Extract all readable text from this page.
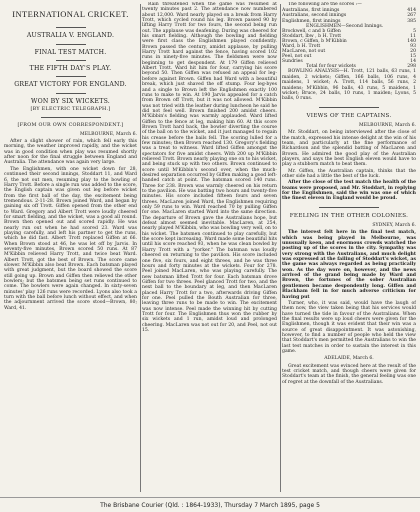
INTERNATIONAL CRICKET.
AUSTRALIA V. ENGLAND.
FINAL TEST MATCH.
THE FIFTH DAY'S PLAY.
GREAT VICTORY FOR ENGLAND.
WON BY SIX WICKETS.
[BY ELECTRIC TELEGRAPH.]
[FROM OUR OWN CORRESPONDENT.]
MELBOURNE, March 6.

After a slight shower of rain, which fell early this morning, the weather improved rapidly, and the wicket was in good condition when play was resumed shortly after noon for the final struggle between England and Australia. The attendance was again very large.

The Englishmen, with one wicket down for 28, continued their second innings, Stoddart 11, and Ward 6, the not out men, resuming play to the bowling of Harry Trott. Before a single run was added to the score, the English captain was given out leg before wicket from the first ball of the day, the excitement being tremendous. 2-11-28. Brown joined Ward, and began by gaining six off Trott. Giffen opened from the other end to Ward. Gregory and Albert Trott were loudly cheered for smart fielding, and the wicket, was a good all round. Brown then opened out and scored rapidly. He was nearly run out when he had scored 23. Ward was playing carefully, and left his partner to get the runs, which he did fast. Albert Trott replaced Giffen at 66. When Brown stood at 46, he was let off by Jarvis. In seventy-five minutes, Brown scored 50 runs. At 87 M'Kibbin relieved Harry Trott, and twice beat Ward. Albert Trott, got the best of Brown. The score came slower. M'Kibbin also beat Brown. Each batsman played with great judgment, but the board showed the score still going up. Brown and Giffen then relieved the other bowlers; but the batsmen being set runs continued to come. The bowlers were again changed. In sixty-seven minutes' play 126 runs were recorded. Lyons also took a turn with the ball before lunch without effect, and when the adjournment arrived the score stood—Brown, 80; Ward, 41.

Rain threatened when the game was resumed at twenty minutes past 2. The attendance now numbered about 12,000. Ward nearly played on a break from Harry Trott, which cycled round his leg. Brown passed 90 by lifting Harry Trott for two fours, the second being run out. The applause was deafening. During was cheered for his smart fielding. Although the bowling and fielding were first class the Englishmen played confidently. Brown passed the century, amidst applause, by pulling Harry Trott hard against the fence, having scored 102 runs in ninety-five minutes. The fieldsmen were now beginning to get despondent. At 179 Giffen relieved Albert Trott. Ward hit him for four, carrying his score beyond 50. Then Giffen was refused an appeal for leg-before against Brown. Giffen had Ward with a beautiful break, which just shaved the off stump. Four leg-byes and a single to Brown left the Englishmen exactly 100 runs to make to win. At 190 Jarvis appealed for a catch from Brown off Trott, but it was not allowed. M'Kibbin was not tried with the leather during luncheon he said he did not feel well. Brown finished 200 amidst cheers. M'Kibbin's fielding was warmly applauded. Ward lifted Giffen to the fence at leg, making him 60. At this score Brown Trott hard back, the bowler diverting the course of the ball on to the wicket, and it just managed to regain his crease before the bails fell. The scoring lulled for a few minutes; then Brown reached 130. Gregory's fielding was a treat to witness. Ward lifted Giffen amongst the spectators for five amidst cheers. With 200 up M'Kibbin relieved Trott. Brown nearly playing one on to his wicket, and being stuck up with two others. Brown continued to score until M'Kibbin's second over, when the much-desired separation occurred by Giffen making a good left-handed catch at point. The batsman scored 140 runs. Three for 238. Brown was warmly cheered on his return to the pavilion. He was batting two hours and twenty-five minutes. His score included fifteen fours and seven threes. MacLaren joined Ward, the Englishmen requiring only 59 runs to win. Ward reached 70 by pulling Giffen for one. MacLaren started Ward into the same direction. The departure of Brown gave the Australians hope, but defeat almost seemed inevitable. MacLaren, at 254, nearly played M'Kibbin, who was bowling very well, on to his wicket. The batsmen continued to play carefully, but the score kept increasing. Ward made some beautiful hits until his score reached 93, when he was clean bowled by Harry Trott with a "yorker." The batsman was loudly cheered on returning to the pavilion. His score included one five, six fours, and eight threes, and he was three hours and forty minutes at the wickets. Four for 278. Peel joined MacLaren, who was playing carefully. The new batsman lifted Trott for four. Each batsman drove Giffen for two threes. Peel glanced Trott for two, and the next ball to the boundary at leg, and then MacLaren placed Harry Trott for a two, afterwards driving Giffen for one. Peel pulled the Bouth Australian for three, leaving three runs to be made to win. The excitement was now intense. Peel made the winning hit by cutting Trott for four. The Englishmen thus won the rubber by six wickets and 1 run, amidst loud and prolonged cheering. MacLaren was not out for 20, and Peel, not out 15.

The following are the scores :—

Australians, first innings	414
Australians, second innings	267
Englishmen, first innings	385
ENGLISHMEN—Second Innings.
Brockwell, c and b Giffen	5
Stoddart, lbw , b H. Trott	11
Brown, c Giffen, b M'Kibbin	140
Ward, b H. Trott	93
MacLaren, not out	20
Peel, not out	15
Sundries	14
Total for four wickets	298

BOWLING ANALYSIS—H. Trott, 121 balls, 63 runs, 1 maiden, 2 wickets; Giffen, 166 balls, 106 runs, 4 maidens, 1 wicket; A. Trott, 114 balls, 56 runs, 2 maidens; M'Kibbin, 96 balls, 43 runs, 5 maidens, 1 wicket; Bruce, 24 balls, 10 runs, 1 maiden; Lyons, 5 balls, 0 runs.

VIEWS OF THE CAPTAINS.
MELBOURNE, March 6.

Mr. Stoddart, on being interviewed after the close of the match, expressed his intense delight at the win of his team, and particularly at the fine performance of Richardson and the splendid batting of MacLaren and Brown. He admired the good play of the Australian players, and says the best English eleven would have to play a stubborn match to beat them.

Mr. Giffen, the Australian captain, thinks that the other side had a little the best of the luck.

After the close of the test match the health of the teams were proposed, and Mr. Stoddart, in replying for the Englishmen, said the win was one of which the finest eleven in England would be proud.

FEELING IN THE OTHER COLONIES.
SYDNEY, March 6.

The interest felt here in the final test match, which was being played in Melbourne, was unusually keen, and enormous crowds watched the posting up of the scores in the city. Sympathy was very strong with the Australians, and much delight was expressed at the failing of Stoddart's wicket, as the game was always regarded as being practically won. As the day wore on, however, and the news arrived of the grand being made by Ward and Brown, the fortunes of the sober Australian gentlemen became despondently long. Giffen and Blackham fell in for much adverse criticism for having put

Turner, who, it was said, would have the laugh of them now, the view taken being that his services would have turned the tide in favour of the Australians. When the final results were up loud cheers were given for the Englishmen, though it was evident that their win was a source of great disappointment. It was astonishing, however, to find a number of people who held the view that Stoddart's men permitted the Australians to win the last test matches in order to sustain the interest in this game.

ADELAIDE, March 6.

Great excitement was evinced here at the result of the test cricket match, and though cheers were given for Stoddart's team at the finish, the general feeling was one of regret at the downfall of the Australians.

The Brisbane Courier (Qld. : 1864-1933), Thursday 7 March 1895, page 5
